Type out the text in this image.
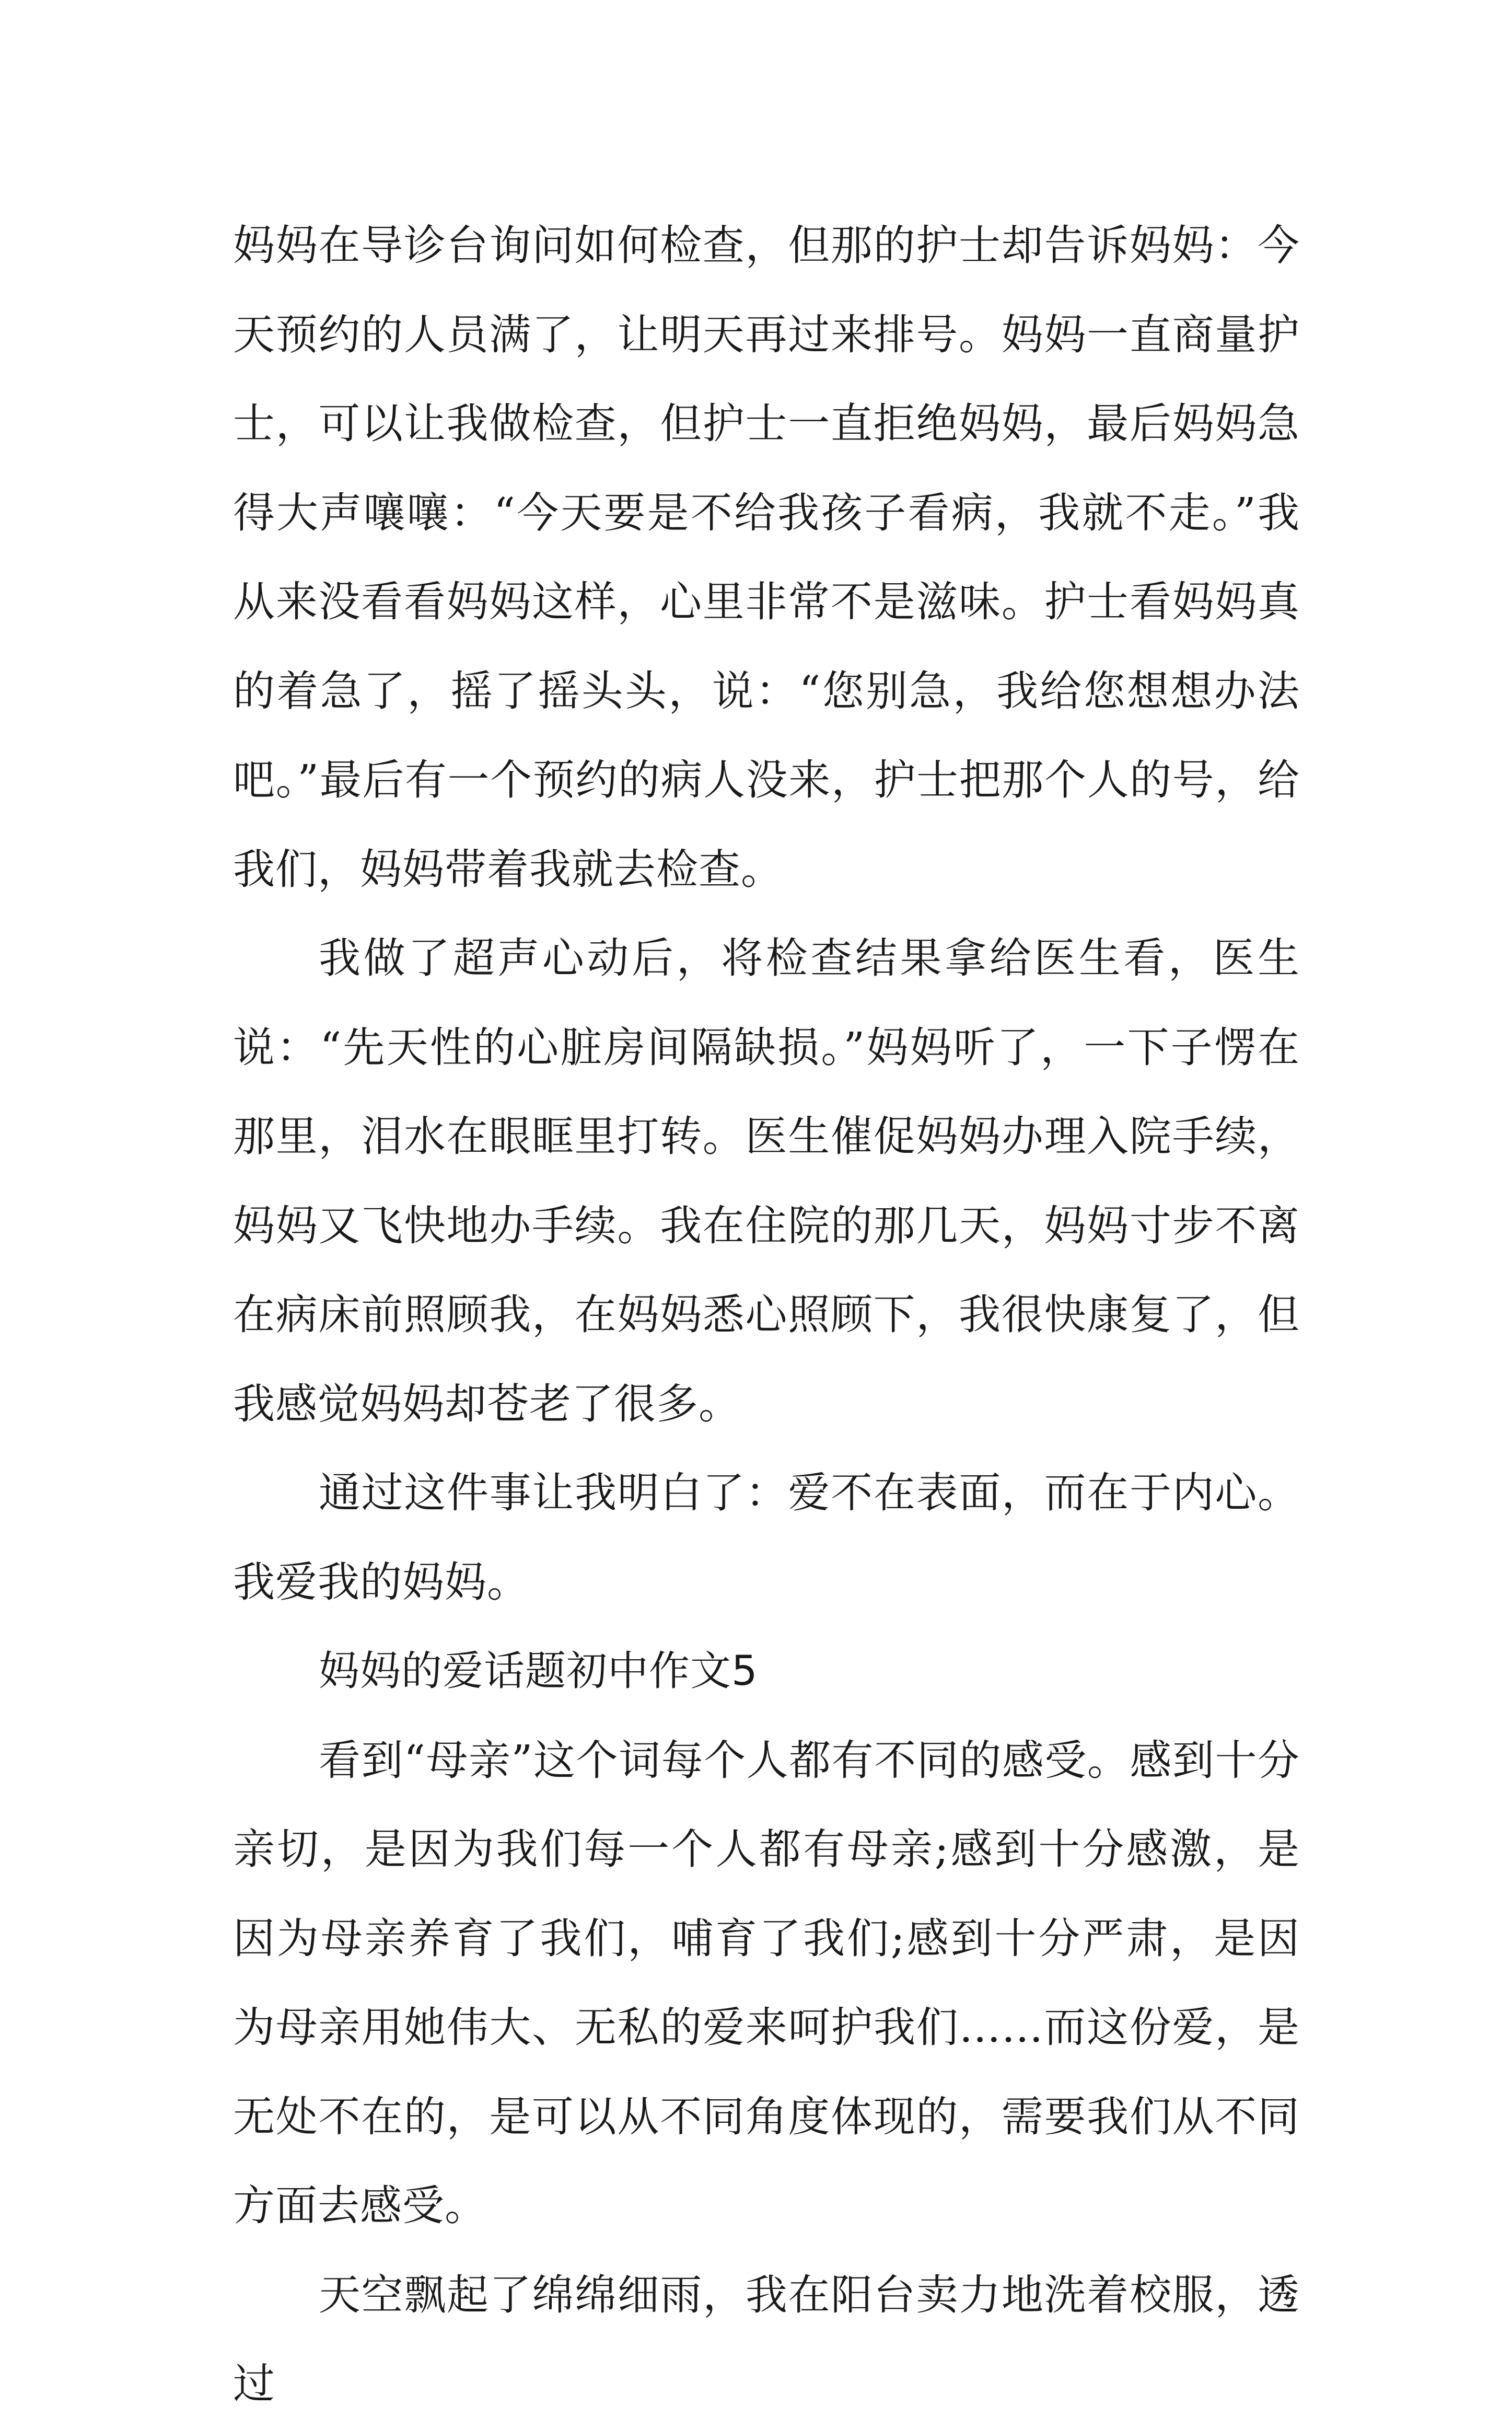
妈妈在导诊台询问如何检查，但那的护士却告诉妈妈：今天预约的人员满了，让明天再过来排号。妈妈一直商量护士，可以让我做检查，但护士一直拒绝妈妈，最后妈妈急得大声嚷嚷：“今天要是不给我孩子看病，我就不走。”我从来没看看妈妈这样，心里非常不是滋味。护士看妈妈真的着急了，摇了摇头头，说：“您别急，我给您想想办法吧。”最后有一个预约的病人没来，护士把那个人的号，给我们，妈妈带着我就去检查。

我做了超声心动后，将检查结果拿给医生看，医生说：“先天性的心脏房间隔缺损。”妈妈听了，一下子愣在那里，泪水在眼眶里打转。医生催促妈妈办理入院手续，妈妈又飞快地办手续。我在住院的那几天，妈妈寸步不离在病床前照顾我，在妈妈悉心照顾下，我很快康复了，但我感觉妈妈却苍老了很多。

通过这件事让我明白了：爱不在表面，而在于内心。我爱我的妈妈。

妈妈的爱话题初中作文5

看到“母亲”这个词每个人都有不同的感受。感到十分亲切，是因为我们每一个人都有母亲;感到十分感激，是因为母亲养育了我们，哺育了我们;感到十分严肃，是因为母亲用她伟大、无私的爱来呵护我们……而这份爱，是无处不在的，是可以从不同角度体现的，需要我们从不同方面去感受。

天空飘起了绵绵细雨，我在阳台卖力地洗着校服，透过
